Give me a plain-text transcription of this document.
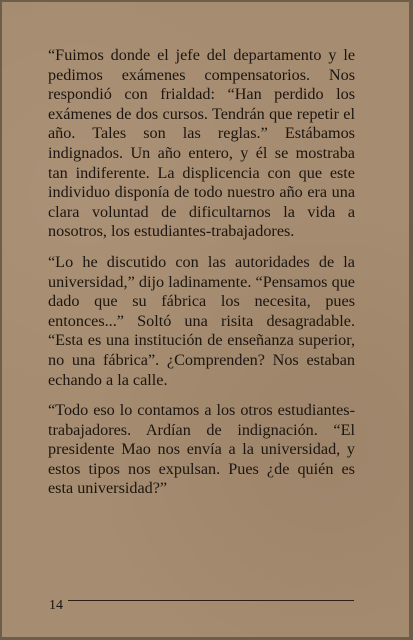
“Fuimos donde el jefe del departamento y le pedimos exámenes compensatorios. Nos respondió con frialdad: “Han perdido los exámenes de dos cursos. Tendrán que repetir el año. Tales son las reglas.” Estábamos indignados. Un año entero, y él se mostraba tan indiferente. La displicencia con que este individuo disponía de todo nuestro año era una clara voluntad de dificultarnos la vida a nosotros, los estudiantes-trabajadores.

“Lo he discutido con las autoridades de la universidad,” dijo ladinamente. “Pensamos que dado que su fábrica los necesita, pues entonces...” Soltó una risita desagradable. “Esta es una institución de enseñanza superior, no una fábrica”. ¿Comprenden? Nos estaban echando a la calle.

“Todo eso lo contamos a los otros estudiantes-trabajadores. Ardían de indignación. “El presidente Mao nos envía a la universidad, y estos tipos nos expulsan. Pues ¿de quién es esta universidad?”

14
